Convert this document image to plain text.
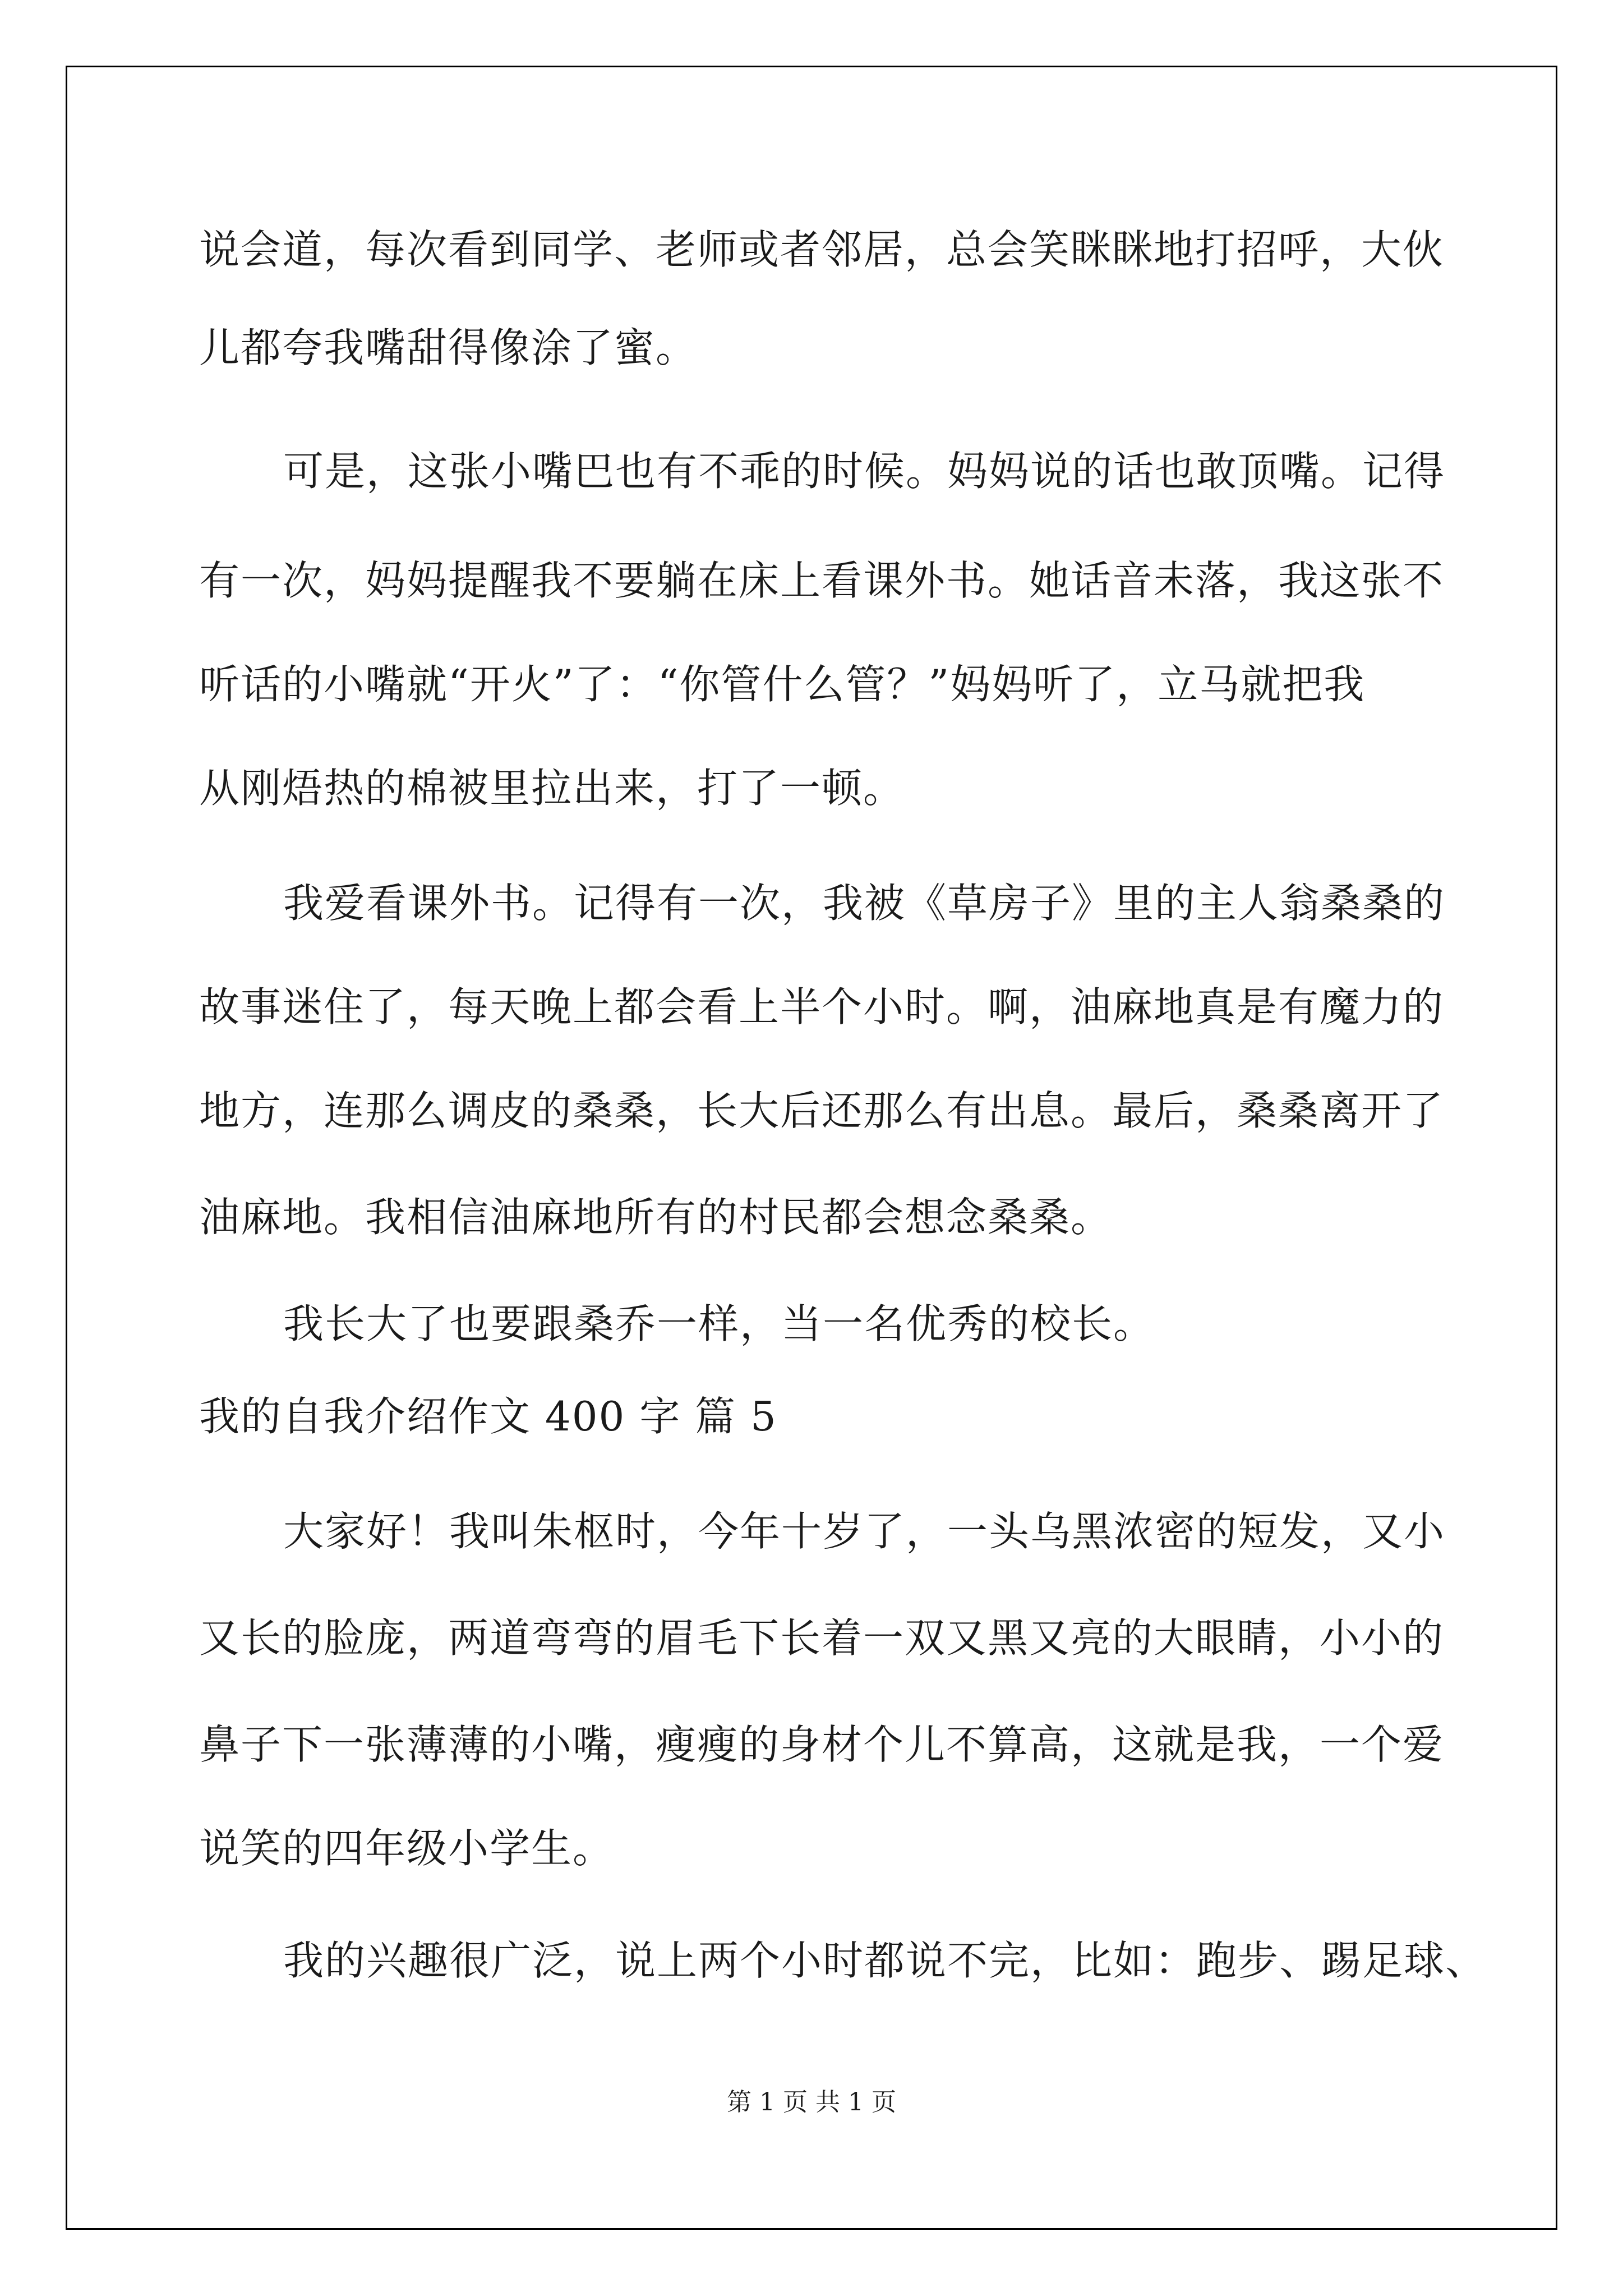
说会道，每次看到同学、老师或者邻居，总会笑眯眯地打招呼，大伙
儿都夸我嘴甜得像涂了蜜。
可是，这张小嘴巴也有不乖的时候。妈妈说的话也敢顶嘴。记得
有一次，妈妈提醒我不要躺在床上看课外书。她话音未落，我这张不
听话的小嘴就“开火”了：“你管什么管？”妈妈听了，立马就把我
从刚焐热的棉被里拉出来，打了一顿。
我爱看课外书。记得有一次，我被《草房子》里的主人翁桑桑的
故事迷住了，每天晚上都会看上半个小时。啊，油麻地真是有魔力的
地方，连那么调皮的桑桑，长大后还那么有出息。最后，桑桑离开了
油麻地。我相信油麻地所有的村民都会想念桑桑。
我长大了也要跟桑乔一样，当一名优秀的校长。
我的自我介绍作文 400 字 篇 5
大家好！我叫朱枢时，今年十岁了，一头乌黑浓密的短发，又小
又长的脸庞，两道弯弯的眉毛下长着一双又黑又亮的大眼睛，小小的
鼻子下一张薄薄的小嘴，瘦瘦的身材个儿不算高，这就是我，一个爱
说笑的四年级小学生。
我的兴趣很广泛，说上两个小时都说不完，比如：跑步、踢足球、
第 1 页 共 1 页
